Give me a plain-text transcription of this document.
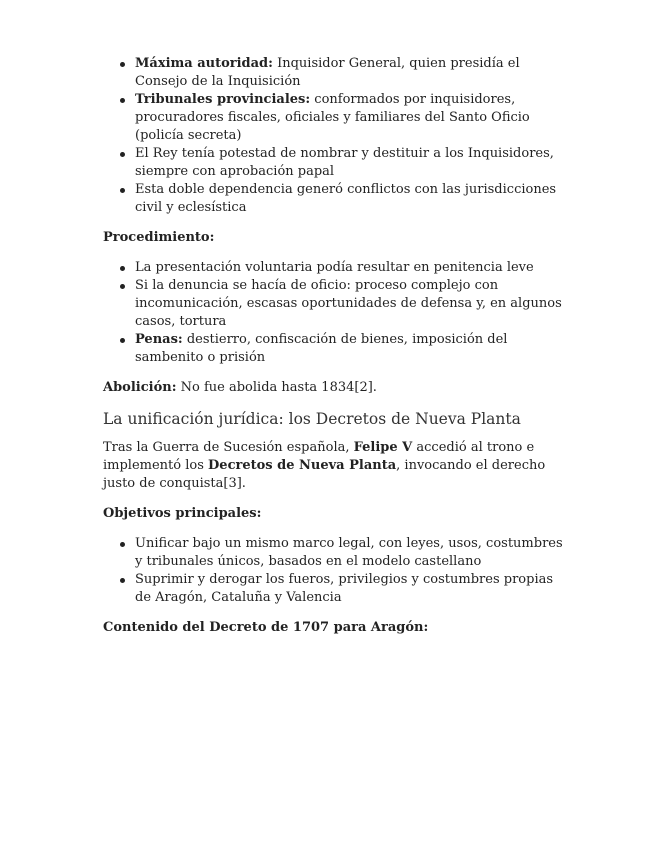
Máxima autoridad: Inquisidor General, quien presidía el Consejo de la Inquisición
Tribunales provinciales: conformados por inquisidores, procuradores fiscales, oficiales y familiares del Santo Oficio (policía secreta)
El Rey tenía potestad de nombrar y destituir a los Inquisidores, siempre con aprobación papal
Esta doble dependencia generó conflictos con las jurisdicciones civil y eclesística

Procedimiento:

La presentación voluntaria podía resultar en penitencia leve
Si la denuncia se hacía de oficio: proceso complejo con incomunicación, escasas oportunidades de defensa y, en algunos casos, tortura
Penas: destierro, confiscación de bienes, imposición del sambenito o prisión

Abolición: No fue abolida hasta 1834[2].

La unificación jurídica: los Decretos de Nueva Planta

Tras la Guerra de Sucesión española, Felipe V accedió al trono e implementó los Decretos de Nueva Planta, invocando el derecho justo de conquista[3].

Objetivos principales:

Unificar bajo un mismo marco legal, con leyes, usos, costumbres y tribunales únicos, basados en el modelo castellano
Suprimir y derogar los fueros, privilegios y costumbres propias de Aragón, Cataluña y Valencia

Contenido del Decreto de 1707 para Aragón:
